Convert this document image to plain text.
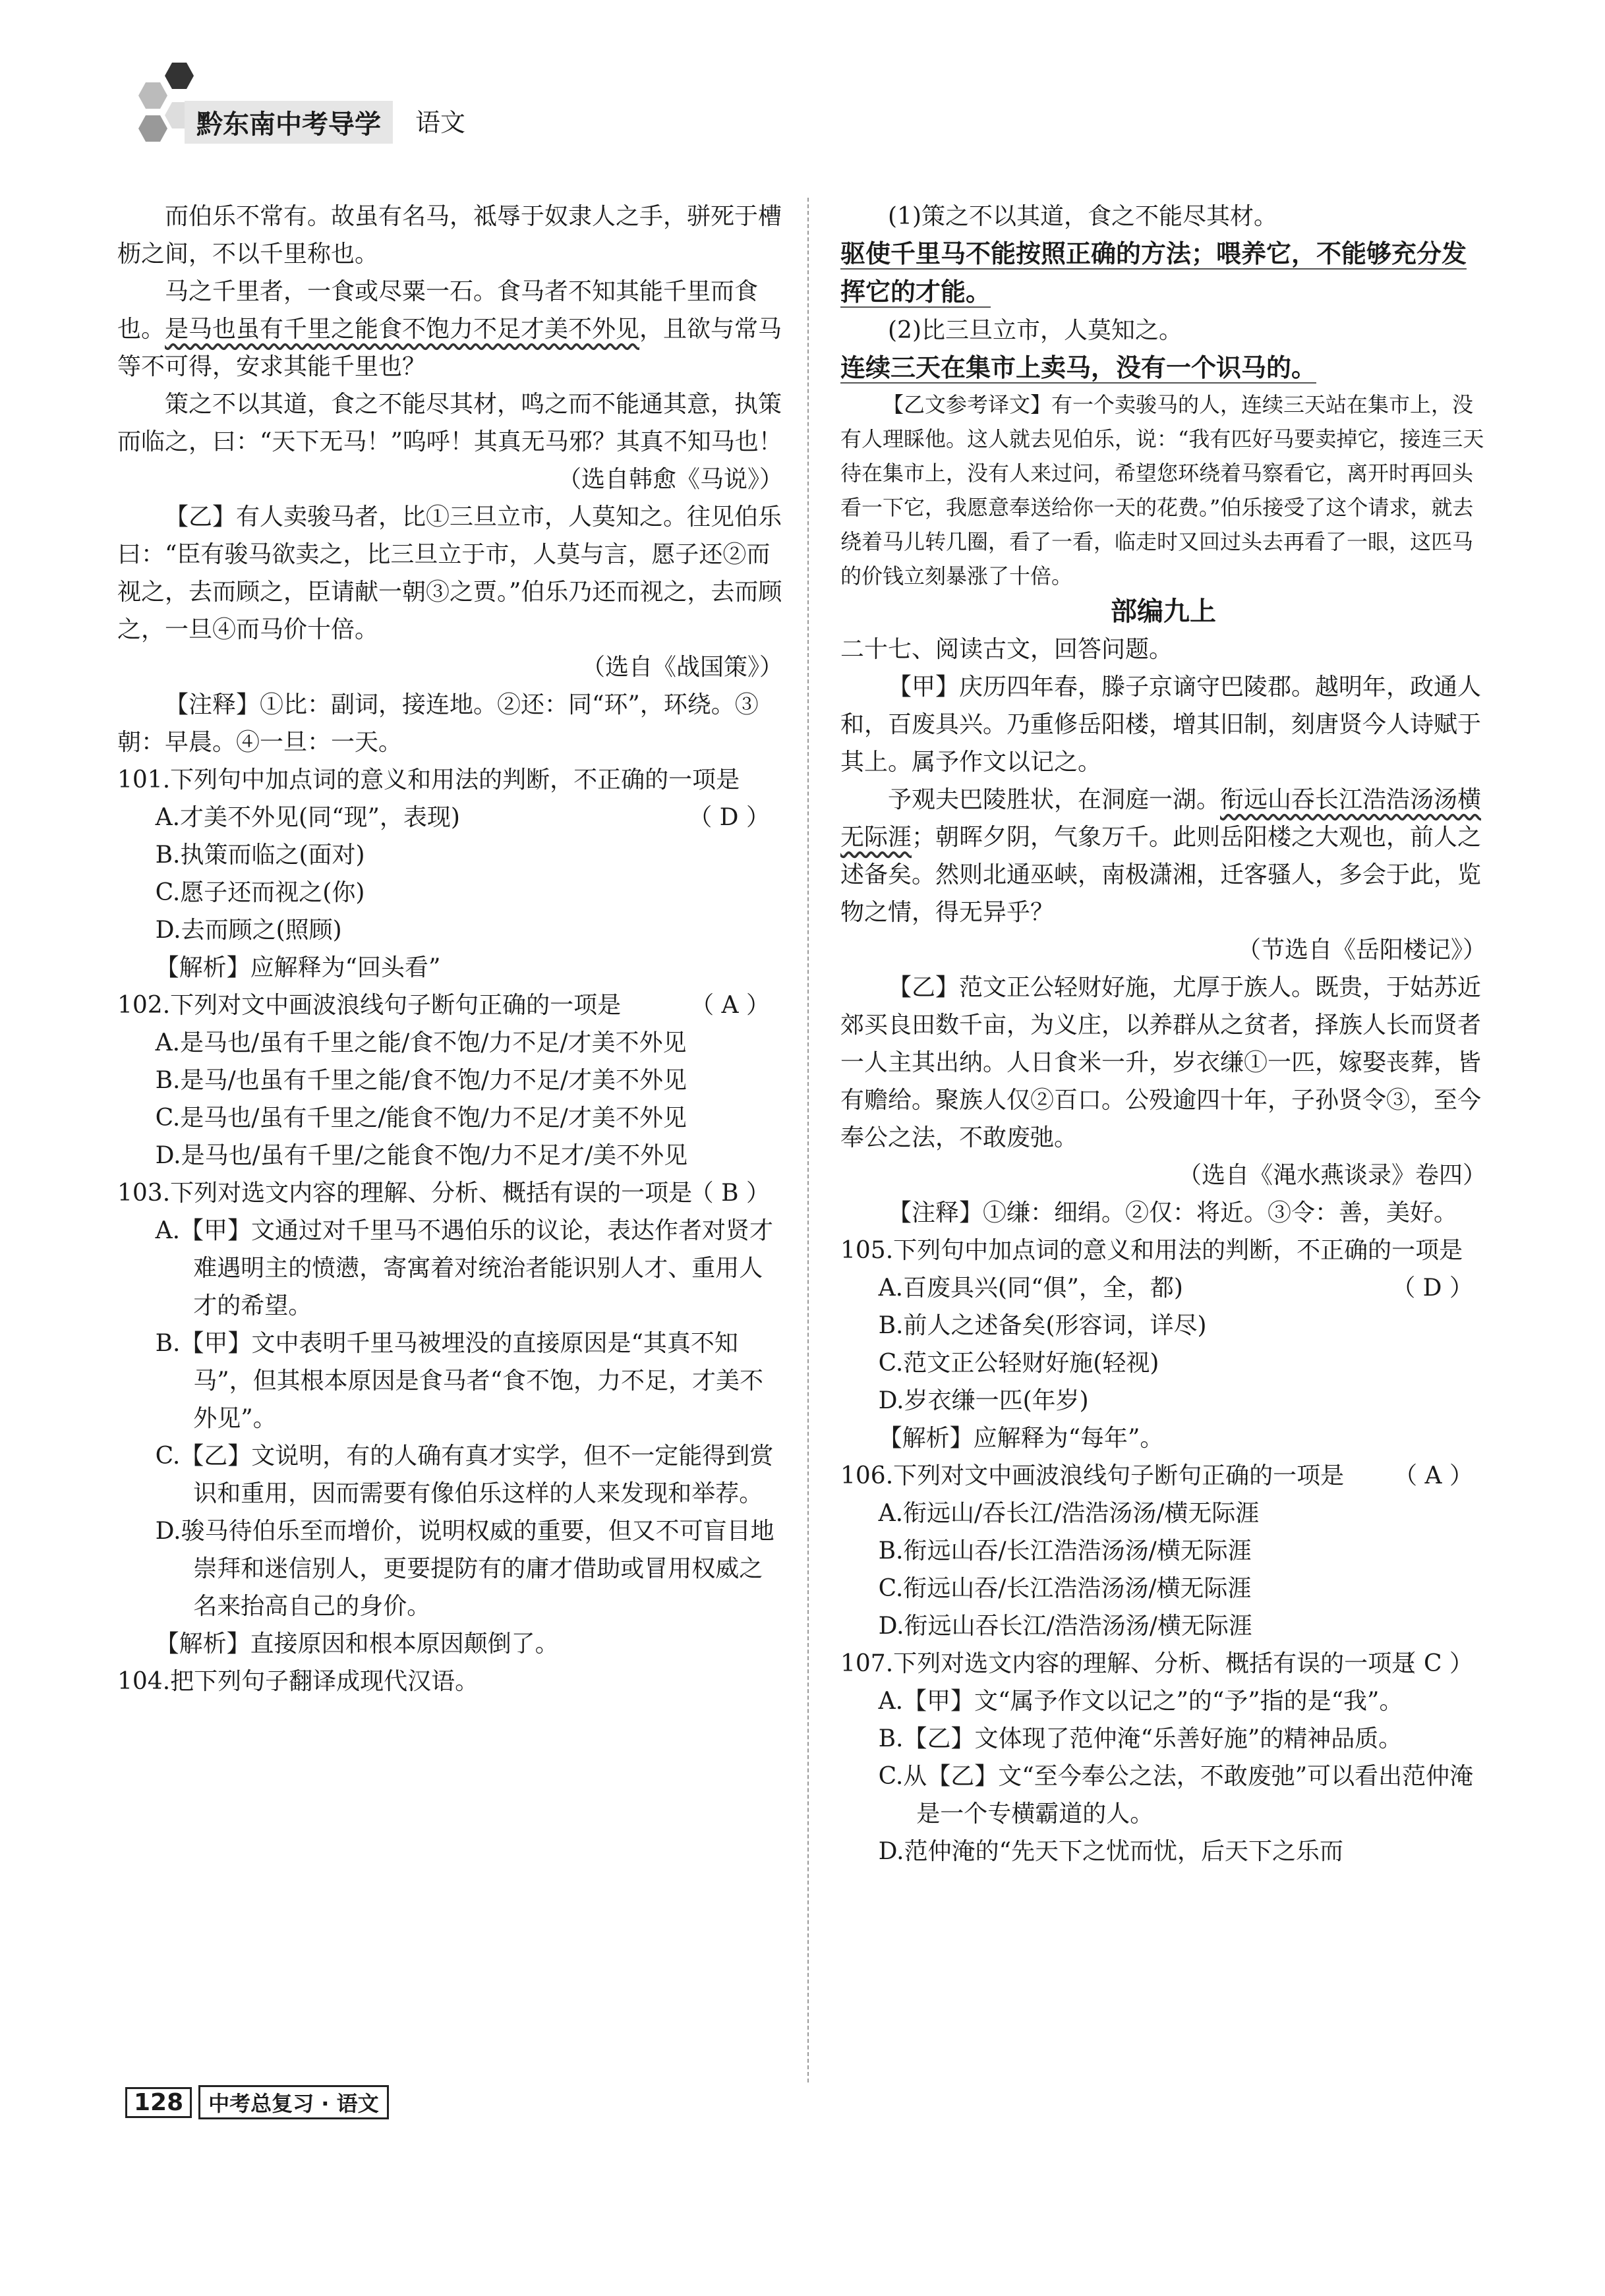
黔东南中考导学	语文

而伯乐不常有。故虽有名马，祗辱于奴隶人之手，骈死于槽枥之间，不以千里称也。

马之千里者，一食或尽粟一石。食马者不知其能千里而食也。是马也虽有千里之能食不饱力不足才美不外见，且欲与常马等不可得，安求其能千里也？

策之不以其道，食之不能尽其材，鸣之而不能通其意，执策而临之，曰：“天下无马！”呜呼！其真无马邪？其真不知马也！

（选自韩愈《马说》）

【乙】有人卖骏马者，比①三旦立市，人莫知之。往见伯乐曰：“臣有骏马欲卖之，比三旦立于市，人莫与言，愿子还②而视之，去而顾之，臣请献一朝③之贾。”伯乐乃还而视之，去而顾之，一旦④而马价十倍。

（选自《战国策》）

【注释】①比：副词，接连地。②还：同“环”，环绕。③朝：早晨。④一旦：一天。

101.下列句中加点词的意义和用法的判断，不正确的一项是
（ D ）

A.才美不外见(同“现”，表现)

B.执策而临之(面对)

C.愿子还而视之(你)

D.去而顾之(照顾)

【解析】应解释为“回头看”

102.下列对文中画波浪线句子断句正确的一项是	（ A ）

A.是马也/虽有千里之能/食不饱/力不足/才美不外见

B.是马/也虽有千里之能/食不饱/力不足/才美不外见

C.是马也/虽有千里之/能食不饱/力不足/才美不外见

D.是马也/虽有千里/之能食不饱/力不足才/美不外见

103.下列对选文内容的理解、分析、概括有误的一项是
（ B ）

A.【甲】文通过对千里马不遇伯乐的议论，表达作者对贤才难遇明主的愤懑，寄寓着对统治者能识别人才、重用人才的希望。

B.【甲】文中表明千里马被埋没的直接原因是“其真不知马”，但其根本原因是食马者“食不饱，力不足，才美不外见”。

C.【乙】文说明，有的人确有真才实学，但不一定能得到赏识和重用，因而需要有像伯乐这样的人来发现和举荐。

D.骏马待伯乐至而增价，说明权威的重要，但又不可盲目地崇拜和迷信别人，更要提防有的庸才借助或冒用权威之名来抬高自己的身价。

【解析】直接原因和根本原因颠倒了。

104.把下列句子翻译成现代汉语。

(1)策之不以其道，食之不能尽其材。

驱使千里马不能按照正确的方法；喂养它，不能够充分发挥它的才能。

(2)比三旦立市，人莫知之。

连续三天在集市上卖马，没有一个识马的。

【乙文参考译文】有一个卖骏马的人，连续三天站在集市上，没有人理睬他。这人就去见伯乐，说：“我有匹好马要卖掉它，接连三天待在集市上，没有人来过问，希望您环绕着马察看它，离开时再回头看一下它，我愿意奉送给你一天的花费。”伯乐接受了这个请求，就去绕着马儿转几圈，看了一看，临走时又回过头去再看了一眼，这匹马的价钱立刻暴涨了十倍。

部编九上

二十七、阅读古文，回答问题。

【甲】庆历四年春，滕子京谪守巴陵郡。越明年，政通人和，百废具兴。乃重修岳阳楼，增其旧制，刻唐贤今人诗赋于其上。属予作文以记之。

予观夫巴陵胜状，在洞庭一湖。衔远山吞长江浩浩汤汤横无际涯；朝晖夕阴，气象万千。此则岳阳楼之大观也，前人之述备矣。然则北通巫峡，南极潇湘，迁客骚人，多会于此，览物之情，得无异乎？

（节选自《岳阳楼记》）

【乙】范文正公轻财好施，尤厚于族人。既贵，于姑苏近郊买良田数千亩，为义庄，以养群从之贫者，择族人长而贤者一人主其出纳。人日食米一升，岁衣缣①一匹，嫁娶丧葬，皆有赡给。聚族人仅②百口。公殁逾四十年，子孙贤令③，至今奉公之法，不敢废弛。

（选自《渑水燕谈录》卷四）

【注释】①缣：细绢。②仅：将近。③令：善，美好。

105.下列句中加点词的意义和用法的判断，不正确的一项是
（ D ）

A.百废具兴(同“俱”，全，都)

B.前人之述备矣(形容词，详尽)

C.范文正公轻财好施(轻视)

D.岁衣缣一匹(年岁)

【解析】应解释为“每年”。

106.下列对文中画波浪线句子断句正确的一项是 （ A ）

A.衔远山/吞长江/浩浩汤汤/横无际涯

B.衔远山吞/长江浩浩汤汤/横无际涯

C.衔远山吞/长江浩浩汤汤/横无际涯

D.衔远山吞长江/浩浩汤汤/横无际涯

107.下列对选文内容的理解、分析、概括有误的一项是
（ C ）

A.【甲】文“属予作文以记之”的“予”指的是“我”。

B.【乙】文体现了范仲淹“乐善好施”的精神品质。

C.从【乙】文“至今奉公之法，不敢废弛”可以看出范仲淹是一个专横霸道的人。

D.范仲淹的“先天下之忧而忧，后天下之乐而

128	中考总复习 · 语文
